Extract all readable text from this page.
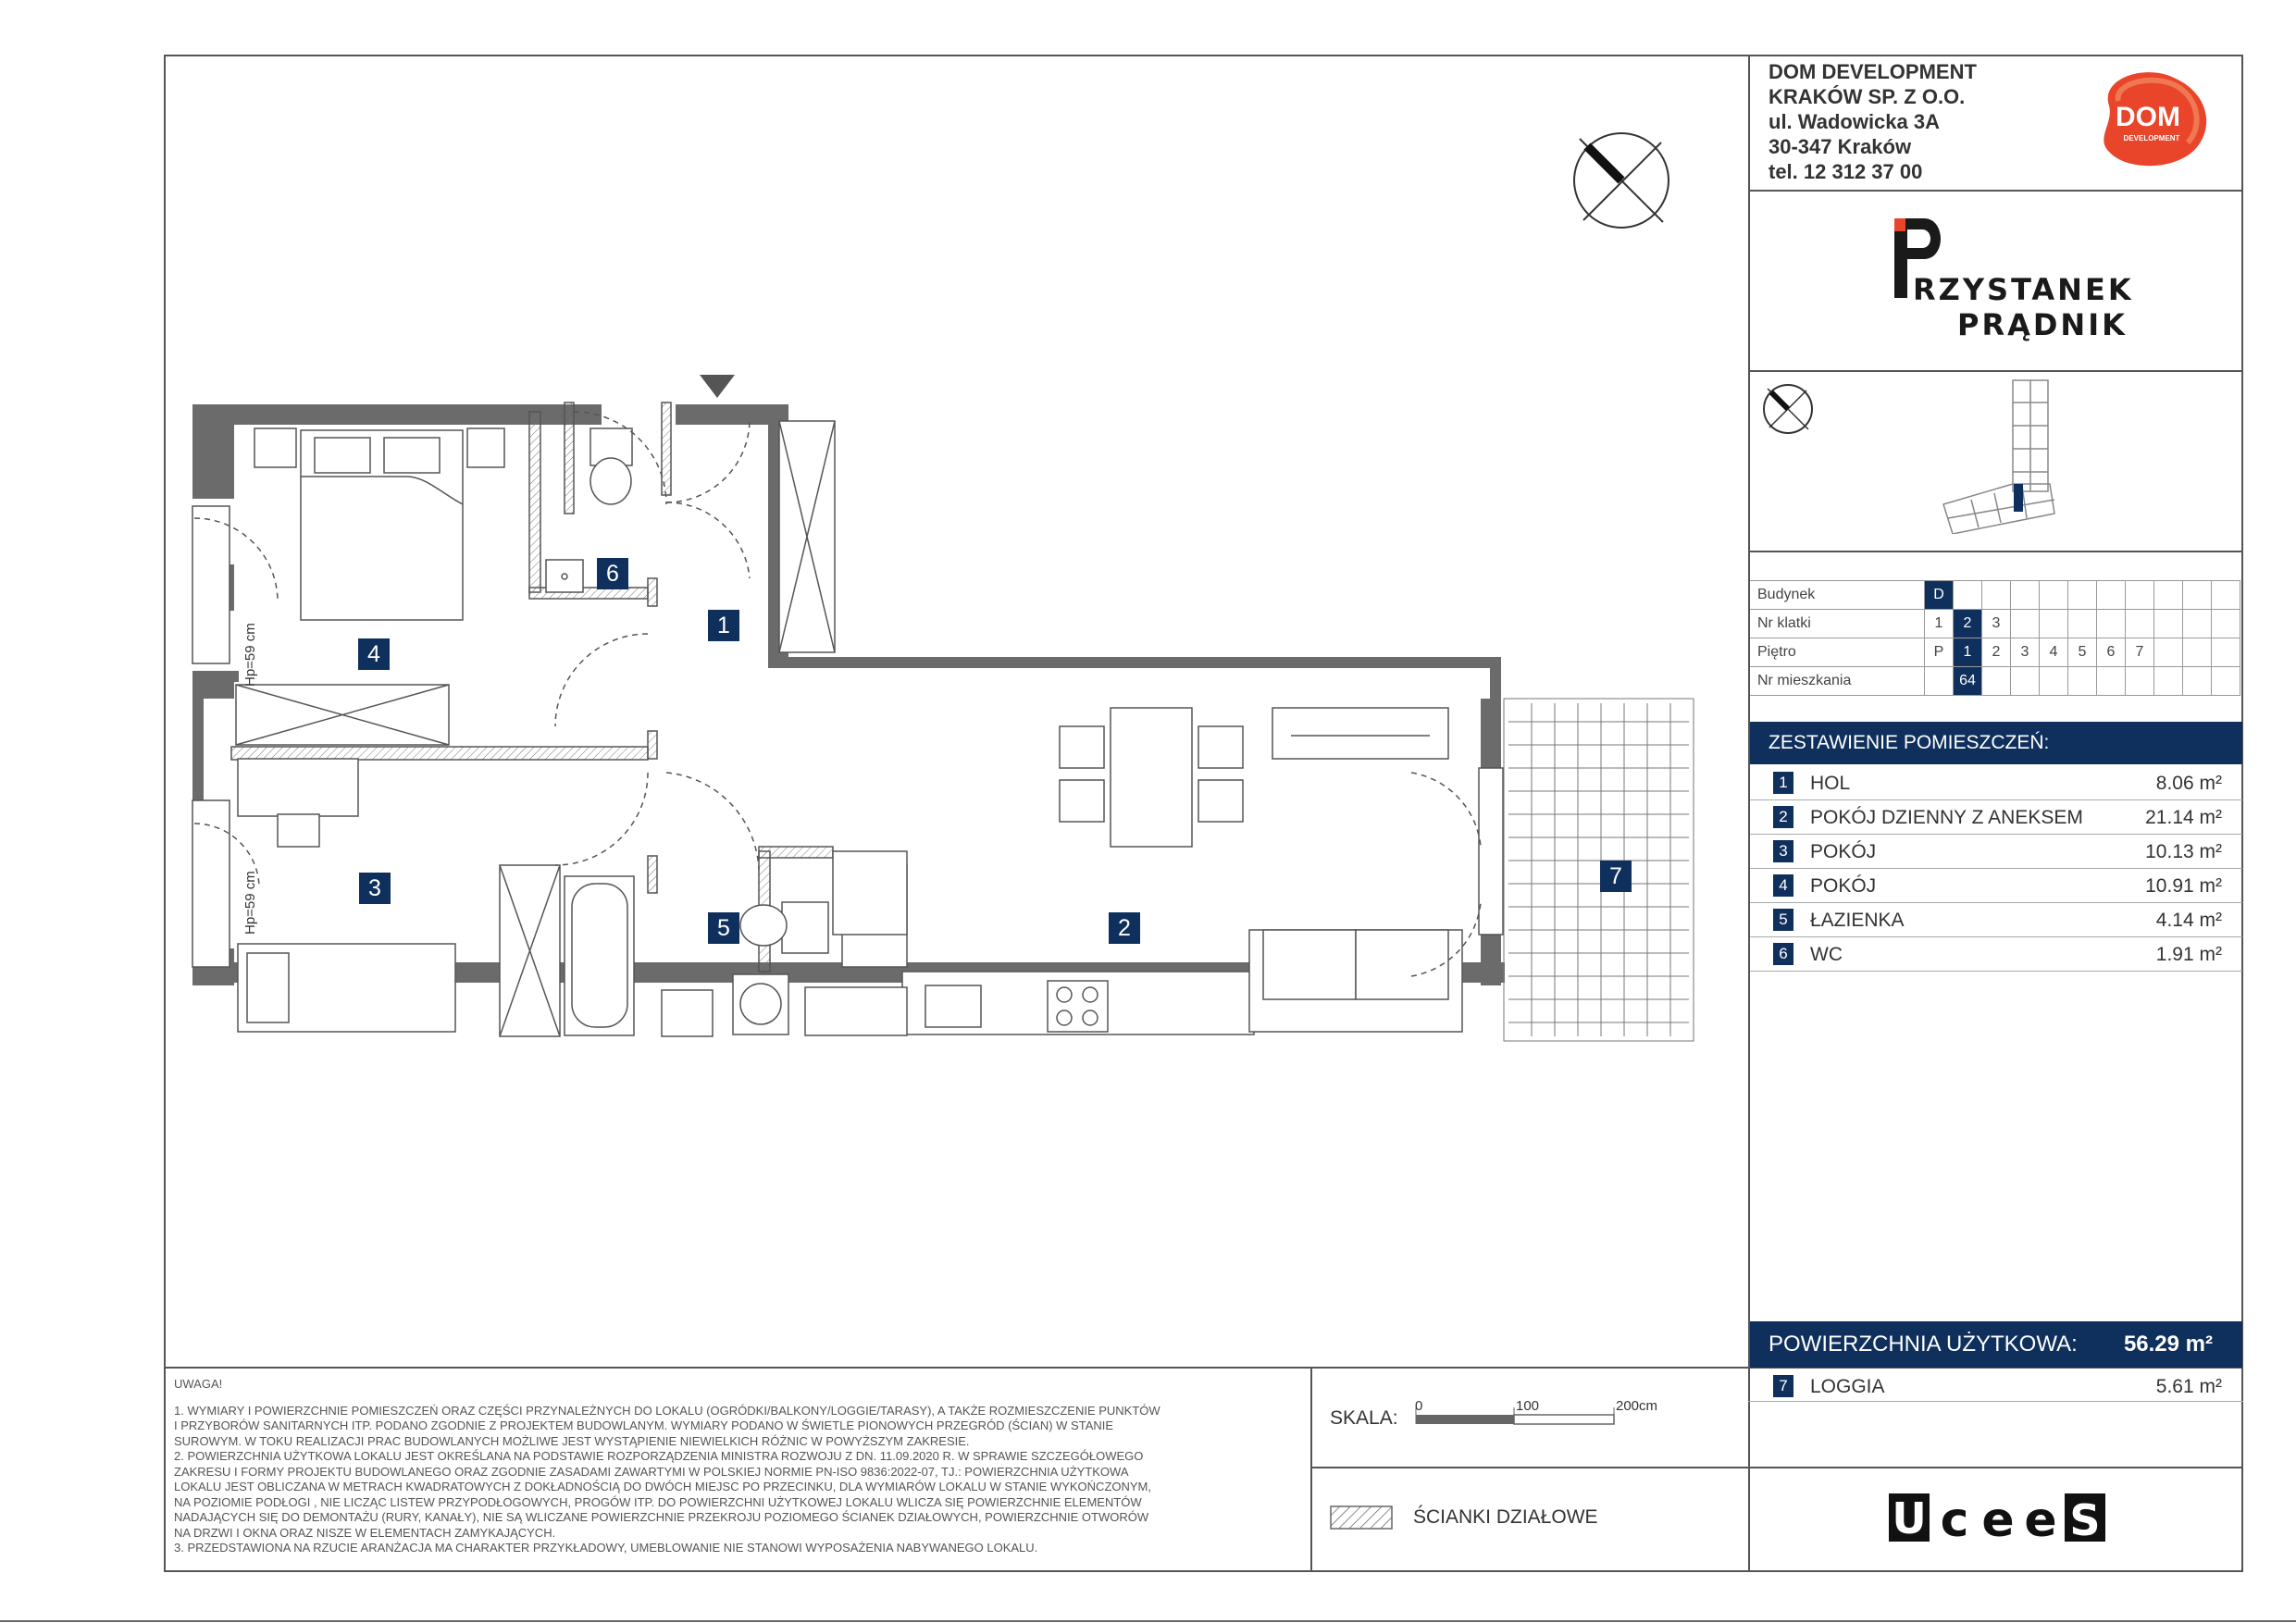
DOM DEVELOPMENT
KRAKÓW SP. Z O.O.
ul. Wadowicka 3A
30-347 Kraków
tel. 12 312 37 00
DOM
DEVELOPMENT
RZYSTANEK
PRĄDNIK
Budynek	D										
Nr klatki	1	2	3								
Piętro	P	1	2	3	4	5	6	7			
Nr mieszkania		64									
ZESTAWIENIE POMIESZCZEŃ:
1 HOL	8.06 m²
2 POKÓJ DZIENNY Z ANEKSEM	21.14 m²
3 POKÓJ	10.13 m²
4 POKÓJ	10.91 m²
5 ŁAZIENKA	4.14 m²
6 WC	1.91 m²
POWIERZCHNIA UŻYTKOWA: 56.29 m²
7 LOGGIA	5.61 m²
UWAGA!
1. WYMIARY I POWIERZCHNIE POMIESZCZEŃ ORAZ CZĘŚCI PRZYNALEŻNYCH DO LOKALU (OGRÓDKI/BALKONY/LOGGIE/TARASY), A TAKŻE ROZMIESZCZENIE PUNKTÓW
I PRZYBORÓW SANITARNYCH ITP. PODANO ZGODNIE Z PROJEKTEM BUDOWLANYM. WYMIARY PODANO W ŚWIETLE PIONOWYCH PRZEGRÓD (ŚCIAN) W STANIE
SUROWYM. W TOKU REALIZACJI PRAC BUDOWLANYCH MOŻLIWE JEST WYSTĄPIENIE NIEWIELKICH RÓŻNIC W POWYŻSZYM ZAKRESIE.
2. POWIERZCHNIA UŻYTKOWA LOKALU JEST OKREŚLANA NA PODSTAWIE ROZPORZĄDZENIA MINISTRA ROZWOJU Z DN. 11.09.2020 R. W SPRAWIE SZCZEGÓŁOWEGO
ZAKRESU I FORMY PROJEKTU BUDOWLANEGO ORAZ ZGODNIE ZASADAMI ZAWARTYMI W POLSKIEJ NORMIE PN-ISO 9836:2022-07, TJ.: POWIERZCHNIA UŻYTKOWA
LOKALU JEST OBLICZANA W METRACH KWADRATOWYCH Z DOKŁADNOŚCIĄ DO DWÓCH MIEJSC PO PRZECINKU, DLA WYMIARÓW LOKALU W STANIE WYKOŃCZONYM,
NA POZIOMIE PODŁOGI , NIE LICZĄC LISTEW PRZYPODŁOGOWYCH, PROGÓW ITP. DO POWIERZCHNI UŻYTKOWEJ LOKALU WLICZA SIĘ POWIERZCHNIE ELEMENTÓW
NADAJĄCYCH SIĘ DO DEMONTAŻU (RURY, KANAŁY), NIE SĄ WLICZANE POWIERZCHNIE PRZEKROJU POZIOMEGO ŚCIANEK DZIAŁOWYCH, POWIERZCHNIE OTWORÓW
NA DRZWI I OKNA ORAZ NISZE W ELEMENTACH ZAMYKAJĄCYCH.
3. PRZEDSTAWIONA NA RZUCIE ARANŻACJA MA CHARAKTER PRZYKŁADOWY, UMEBLOWANIE NIE STANOWI WYPOSAŻENIA NABYWANEGO LOKALU.
SKALA:
0	100	200cm
ŚCIANKI DZIAŁOWE	U c e e S
1
2
3
4
5
6
7
Hp=59 cm
Hp=59 cm
